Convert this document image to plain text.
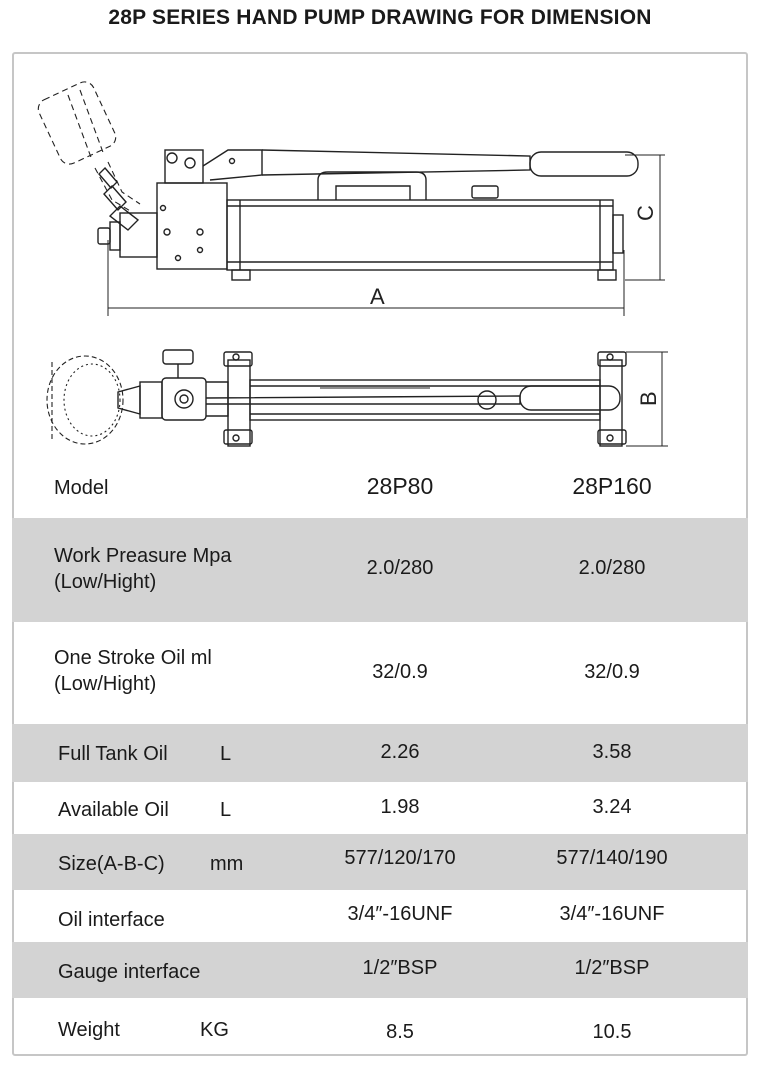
28P SERIES HAND PUMP DRAWING FOR DIMENSION
A
C
B
Model	28P80	28P160
Work Preasure Mpa
(Low/Hight)
2.0/280	2.0/280
One Stroke Oil ml
(Low/Hight)
32/0.9	32/0.9
Full Tank Oil	L	2.26	3.58
Available Oil	L	1.98	3.24
Size(A-B-C) mm	577/120/170	577/140/190
Oil interface	3/4″-16UNF	3/4″-16UNF
Gauge interface	1/2″BSP	1/2″BSP
Weight	KG	8.5	10.5
